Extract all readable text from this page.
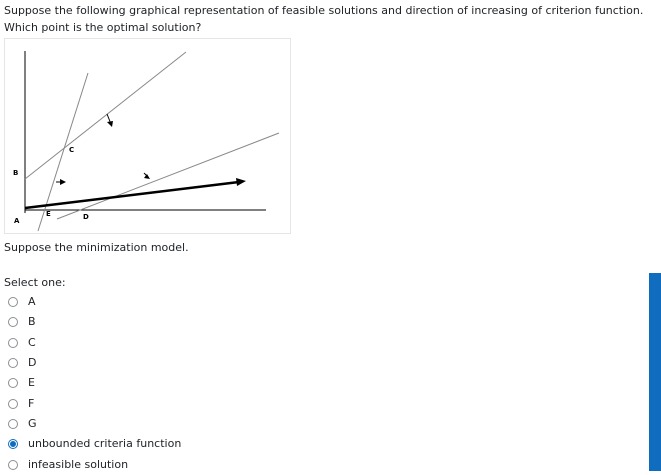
Suppose the following graphical representation of feasible solutions and direction of increasing of criterion function. Which point is the optimal solution?
A
B
C
D
E
Suppose the minimization model.
Select one:
A
B
C
D
E
F
G
unbounded criteria function
infeasible solution
